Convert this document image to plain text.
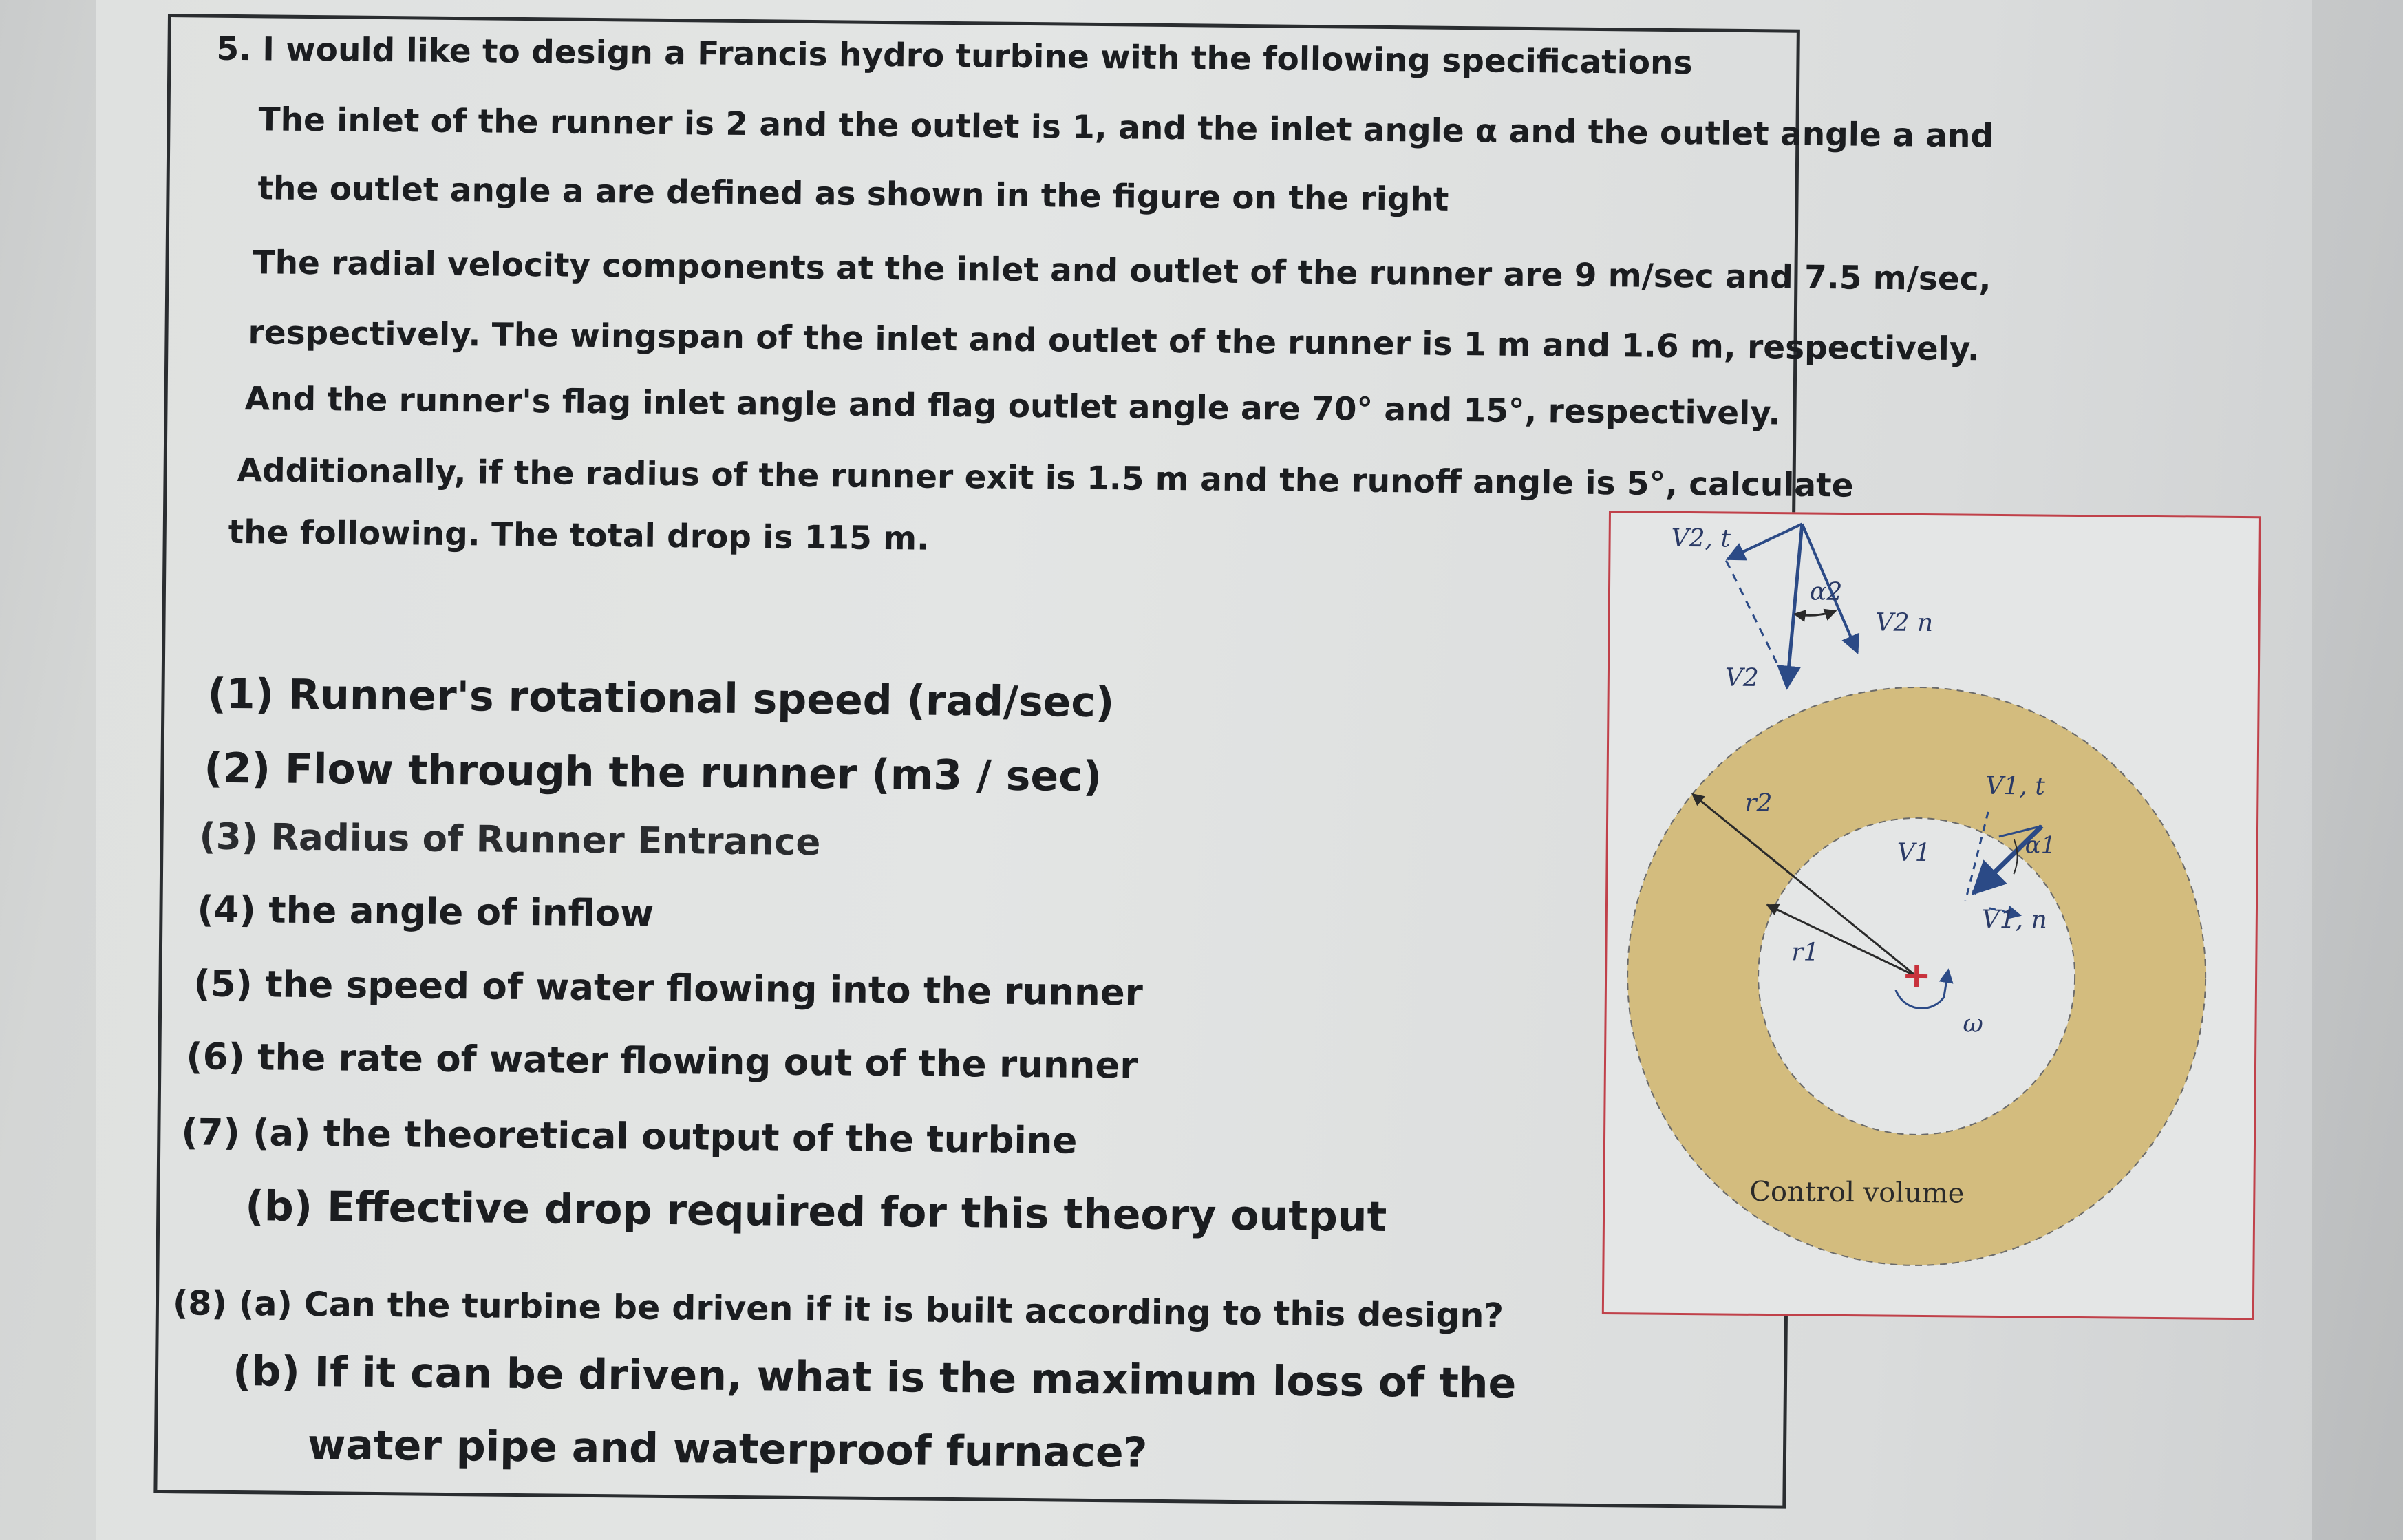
5. I would like to design a Francis hydro turbine with the following specifications
The inlet of the runner is 2 and the outlet is 1, and the inlet angle α and the outlet angle a and
the outlet angle a are defined as shown in the figure on the right
The radial velocity components at the inlet and outlet of the runner are 9 m/sec and 7.5 m/sec,
respectively. The wingspan of the inlet and outlet of the runner is 1 m and 1.6 m, respectively.
And the runner's flag inlet angle and flag outlet angle are 70° and 15°, respectively.
Additionally, if the radius of the runner exit is 1.5 m and the runoff angle is 5°, calculate
the following. The total drop is 115 m.
(1) Runner's rotational speed (rad/sec)
(2) Flow through the runner (m3 / sec)
(3) Radius of Runner Entrance
(4) the angle of inflow
(5) the speed of water flowing into the runner
(6) the rate of water flowing out of the runner
(7) (a) the theoretical output of the turbine
(b) Effective drop required for this theory output
(8) (a) Can the turbine be driven if it is built according to this design?
(b) If it can be driven, what is the maximum loss of the
water pipe and waterproof furnace?
V2, t
α2
V2 n
V2
r2
V1, t
α1
V1
V1, n
r1
ω
Control volume
